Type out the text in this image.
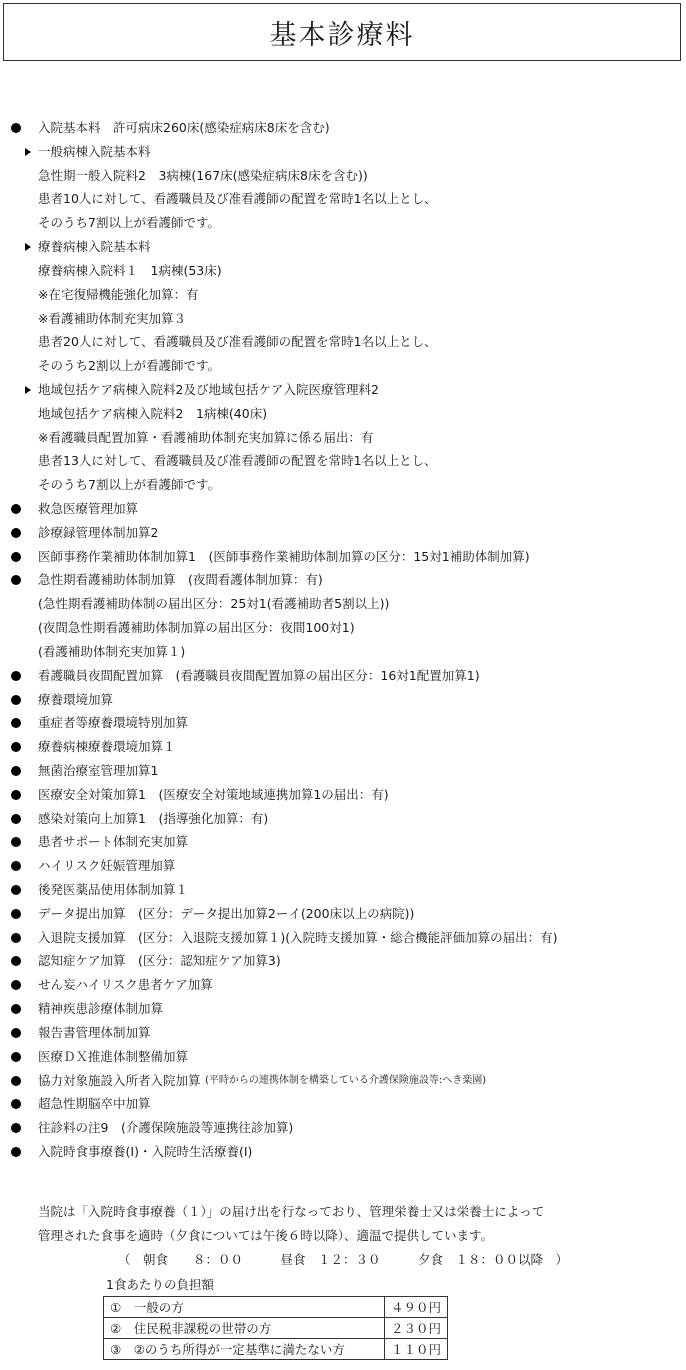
基本診療料
入院基本料　許可病床260床(感染症病床8床を含む)
一般病棟入院基本料
急性期一般入院料2　3病棟(167床(感染症病床8床を含む))
患者10人に対して、看護職員及び准看護師の配置を常時1名以上とし、
そのうち7割以上が看護師です。
療養病棟入院基本料
療養病棟入院料１　1病棟(53床)
※在宅復帰機能強化加算：有
※看護補助体制充実加算３
患者20人に対して、看護職員及び准看護師の配置を常時1名以上とし、
そのうち2割以上が看護師です。
地域包括ケア病棟入院料2及び地域包括ケア入院医療管理料2
地域包括ケア病棟入院料2　1病棟(40床)
※看護職員配置加算・看護補助体制充実加算に係る届出：有
患者13人に対して、看護職員及び准看護師の配置を常時1名以上とし、
そのうち7割以上が看護師です。
救急医療管理加算
診療録管理体制加算2
医師事務作業補助体制加算1　(医師事務作業補助体制加算の区分：15対1補助体制加算)
急性期看護補助体制加算　(夜間看護体制加算：有)
(急性期看護補助体制の届出区分：25対1(看護補助者5割以上))
(夜間急性期看護補助体制加算の届出区分：夜間100対1)
(看護補助体制充実加算１)
看護職員夜間配置加算　(看護職員夜間配置加算の届出区分：16対1配置加算1)
療養環境加算
重症者等療養環境特別加算
療養病棟療養環境加算１
無菌治療室管理加算1
医療安全対策加算1　(医療安全対策地域連携加算1の届出：有)
感染対策向上加算1　(指導強化加算：有)
患者サポート体制充実加算
ハイリスク妊娠管理加算
後発医薬品使用体制加算１
データ提出加算　(区分：データ提出加算2ーイ(200床以上の病院))
入退院支援加算　(区分：入退院支援加算１)(入院時支援加算・総合機能評価加算の届出：有)
認知症ケア加算　(区分：認知症ケア加算3)
せん妄ハイリスク患者ケア加算
精神疾患診療体制加算
報告書管理体制加算
医療ＤＸ推進体制整備加算
協力対象施設入所者入院加算 (平時からの連携体制を構築している介護保険施設等:へき楽園)
超急性期脳卒中加算
往診料の注9　(介護保険施設等連携往診加算)
入院時食事療養(Ⅰ)・入院時生活療養(Ⅰ)
当院は「入院時食事療養（１）」の届け出を行なっており、管理栄養士又は栄養士によって
管理された食事を適時（夕食については午後６時以降）、適温で提供しています。
（　朝食　　８：００　　　昼食　１２：３０　　　夕食　１８：００以降　）
1食あたりの負担額
①　一般の方	４９０円
②　住民税非課税の世帯の方	２３０円
③　②のうち所得が一定基準に満たない方	１１０円
